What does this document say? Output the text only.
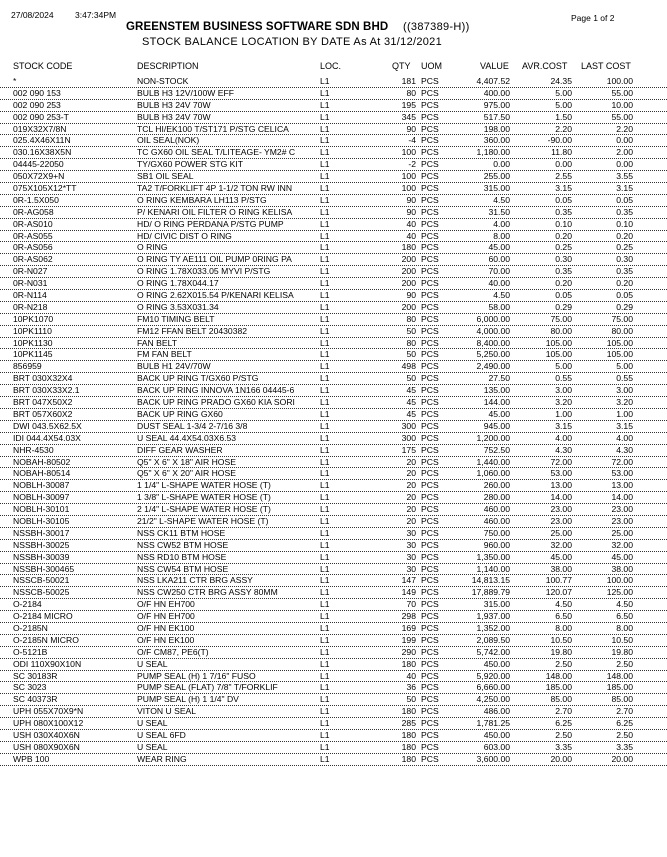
27/08/2024	3:47:34PM
GREENSTEM BUSINESS SOFTWARE SDN BHD ((387389-H))
STOCK BALANCE LOCATION BY DATE As At 31/12/2021
Page 1 of 2
STOCK CODE	DESCRIPTION	LOC.	QTY UOM	VALUE AVR.COST LAST COST
*	NON-STOCK	L1	181 PCS	4,407.52	24.35	100.00
002 090 153	BULB H3 12V/100W EFF	L1	80 PCS	400.00	5.00	55.00
002 090 253	BULB H3 24V 70W	L1	195 PCS	975.00	5.00	10.00
002 090 253-T	BULB H3 24V 70W	L1	345 PCS	517.50	1.50	55.00
019X32X7/8N	TCL HI/EK100 T/ST171 P/STG CELICA	L1	90 PCS	198.00	2.20	2.20
025.4X46X11N	OIL SEAL(NOK)	L1	-4 PCS	360.00	-90.00	0.00
030.16X38X5N	TC GX60 OIL SEAL T/LITEAGE- YM2# C	L1	100 PCS	1,180.00	11.80	2.00
04445-22050	TY/GX60 POWER STG KIT	L1	-2 PCS	0.00	0.00	0.00
050X72X9+N	SB1 OIL SEAL	L1	100 PCS	255.00	2.55	3.55
075X105X12*TT	TA2 T/FORKLIFT 4P 1-1/2 TON RW INN	L1	100 PCS	315.00	3.15	3.15
0R-1.5X050	O RING KEMBARA LH113 P/STG	L1	90 PCS	4.50	0.05	0.05
0R-AG058	P/ KENARI OIL FILTER O RING KELISA	L1	90 PCS	31.50	0.35	0.35
0R-AS010	HD/ O RING PERDANA P/STG PUMP	L1	40 PCS	4.00	0.10	0.10
0R-AS055	HD/ CIVIC DIST O RING	L1	40 PCS	8.00	0.20	0.20
0R-AS056	O RING	L1	180 PCS	45.00	0.25	0.25
0R-AS062	O RING TY AE111 OIL PUMP 0RING PA	L1	200 PCS	60.00	0.30	0.30
0R-N027	O RING 1.78X033.05 MYVI P/STG	L1	200 PCS	70.00	0.35	0.35
0R-N031	O RING 1.78X044.17	L1	200 PCS	40.00	0.20	0.20
0R-N114	O RING 2.62X015.54 P/KENARI KELISA	L1	90 PCS	4.50	0.05	0.05
0R-N218	O RING 3.53X031.34	L1	200 PCS	58.00	0.29	0.29
10PK1070	FM10 TIMING BELT	L1	80 PCS	6,000.00	75.00	75.00
10PK1110	FM12 FFAN BELT 20430382	L1	50 PCS	4,000.00	80.00	80.00
10PK1130	FAN BELT	L1	80 PCS	8,400.00	105.00	105.00
10PK1145	FM FAN BELT	L1	50 PCS	5,250.00	105.00	105.00
856959	BULB H1 24V/70W	L1	498 PCS	2,490.00	5.00	5.00
BRT 030X32X4	BACK UP RING T/GX60 P/STG	L1	50 PCS	27.50	0.55	0.55
BRT 030X33X2.1	BACK UP RING INNOVA 1N166 04445-6	L1	45 PCS	135.00	3.00	3.00
BRT 047X50X2	BACK UP RING PRADO GX60 KIA SORI	L1	45 PCS	144.00	3.20	3.20
BRT 057X60X2	BACK UP RING GX60	L1	45 PCS	45.00	1.00	1.00
DWI 043.5X62.5X	DUST SEAL 1-3/4 2-7/16 3/8	L1	300 PCS	945.00	3.15	3.15
IDI 044.4X54.03X	U SEAL 44.4X54.03X6.53	L1	300 PCS	1,200.00	4.00	4.00
NHR-4530	DIFF GEAR WASHER	L1	175 PCS	752.50	4.30	4.30
NOBAH-80502	Q5" X 6" X 18" AIR HOSE	L1	20 PCS	1,440.00	72.00	72.00
NOBAH-80514	Q5" X 6" X 20" AIR HOSE	L1	20 PCS	1,060.00	53.00	53.00
NOBLH-30087	1 1/4" L-SHAPE WATER HOSE (T)	L1	20 PCS	260.00	13.00	13.00
NOBLH-30097	1 3/8" L-SHAPE WATER HOSE (T)	L1	20 PCS	280.00	14.00	14.00
NOBLH-30101	2 1/4" L-SHAPE WATER HOSE (T)	L1	20 PCS	460.00	23.00	23.00
NOBLH-30105	21/2" L-SHAPE WATER HOSE (T)	L1	20 PCS	460.00	23.00	23.00
NSSBH-30017	NSS CK11 BTM HOSE	L1	30 PCS	750.00	25.00	25.00
NSSBH-30025	NSS CW52 BTM HOSE	L1	30 PCS	960.00	32.00	32.00
NSSBH-30039	NSS RD10 BTM HOSE	L1	30 PCS	1,350.00	45.00	45.00
NSSBH-300465	NSS CW54 BTM HOSE	L1	30 PCS	1,140.00	38.00	38.00
NSSCB-50021	NSS LKA211 CTR BRG ASSY	L1	147 PCS	14,813.15	100.77	100.00
NSSCB-50025	NSS CW250 CTR BRG ASSY 80MM	L1	149 PCS	17,889.79	120.07	125.00
O-2184	O/F HN EH700	L1	70 PCS	315.00	4.50	4.50
O-2184 MICRO	O/F HN EH700	L1	298 PCS	1,937.00	6.50	6.50
O-2185N	O/F HN EK100	L1	169 PCS	1,352.00	8.00	8.00
O-2185N MICRO	O/F HN EK100	L1	199 PCS	2,089.50	10.50	10.50
O-5121B	O/F CM87, PE6(T)	L1	290 PCS	5,742.00	19.80	19.80
ODI 110X90X10N	U SEAL	L1	180 PCS	450.00	2.50	2.50
SC 30183R	PUMP SEAL (H) 1 7/16" FUSO	L1	40 PCS	5,920.00	148.00	148.00
SC 3023	PUMP SEAL (FLAT) 7/8" T/FORKLIF	L1	36 PCS	6,660.00	185.00	185.00
SC 40373R	PUMP SEAL (H) 1 1/4" DV	L1	50 PCS	4,250.00	85.00	85.00
UPH 055X70X9*N	VITON U SEAL	L1	180 PCS	486.00	2.70	2.70
UPH 080X100X12	U SEAL	L1	285 PCS	1,781.25	6.25	6.25
USH 030X40X6N	U SEAL 6FD	L1	180 PCS	450.00	2.50	2.50
USH 080X90X6N	U SEAL	L1	180 PCS	603.00	3.35	3.35
WPB 100	WEAR RING	L1	180 PCS	3,600.00	20.00	20.00
